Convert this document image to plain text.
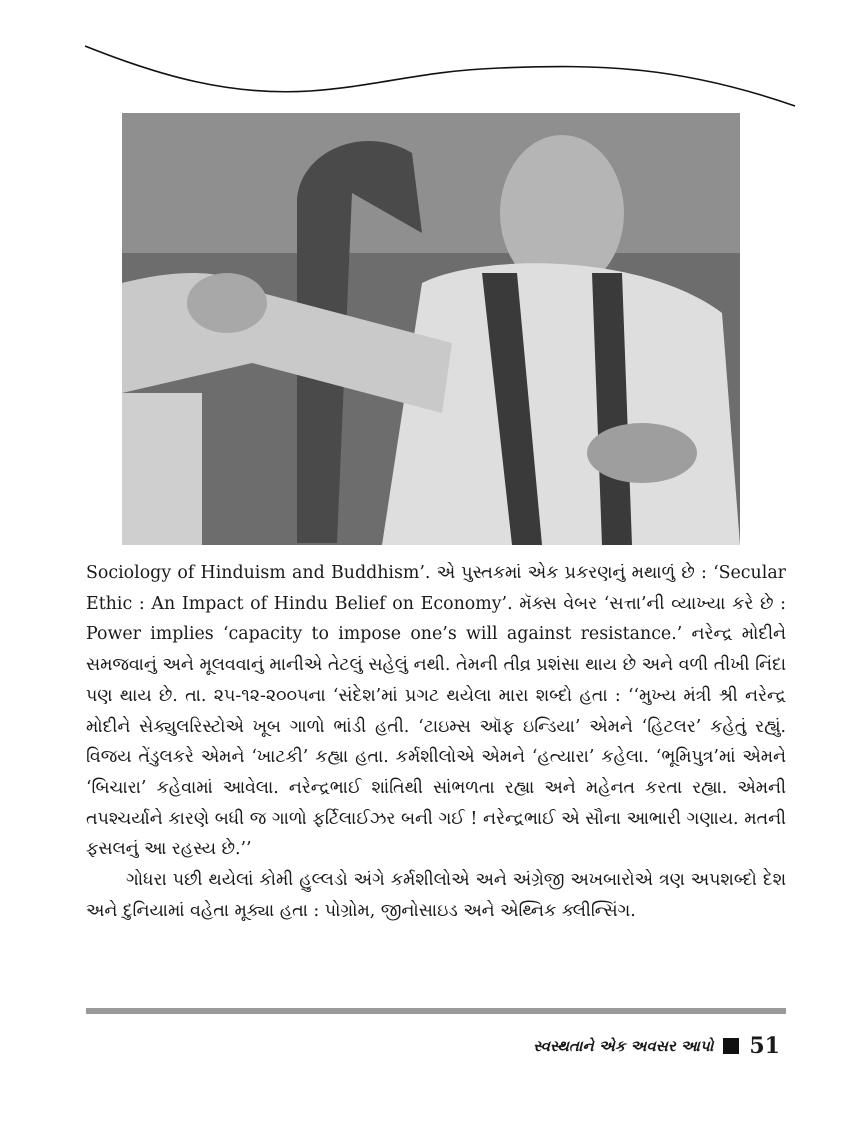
Sociology of Hinduism and Buddhism’. એ પુસ્તકમાં એક પ્રકરણનું મથાળું છે : ‘Secular Ethic : An Impact of Hindu Belief on Economy’. મૅક્સ વેબર ‘સત્તા’ની વ્યાખ્યા કરે છે : Power implies ‘capacity to impose one’s will against resistance.’ નરેન્દ્ર મોદીને સમજવાનું અને મૂલવવાનું માનીએ તેટલું સહેલું નથી. તેમની તીવ્ર પ્રશંસા થાય છે અને વળી તીખી નિંદા પણ થાય છે. તા. ૨૫-૧૨-૨૦૦૫ના ‘સંદેશ’માં પ્રગટ થયેલા મારા શબ્દો હતા : ‘‘મુખ્ય મંત્રી શ્રી નરેન્દ્ર મોદીને સેક્યુલરિસ્ટોએ ખૂબ ગાળો ભાંડી હતી. ‘ટાઇમ્સ ઑફ ઇન્ડિયા’ એમને ‘હિટલર’ કહેતું રહ્યું. વિજય તેંડુલકરે એમને ‘ખાટકી’ કહ્યા હતા. કર્મશીલોએ એમને ‘હત્યારા’ કહેલા. ‘ભૂમિપુત્ર’માં એમને ‘બિચારા’ કહેવામાં આવેલા. નરેન્દ્રભાઈ શાંતિથી સાંભળતા રહ્યા અને મહેનત કરતા રહ્યા. એમની તપશ્ચર્યાને કારણે બધી જ ગાળો ફર્ટિલાઈઝર બની ગઈ ! નરેન્દ્રભાઈ એ સૌના આભારી ગણાય. મતની ફસલનું આ રહસ્ય છે.’’

ગોધરા પછી થયેલાં કોમી હુલ્લડો અંગે કર્મશીલોએ અને અંગ્રેજી અખબારોએ ત્રણ અપશબ્દો દેશ અને દુનિયામાં વહેતા મૂક્યા હતા : પોગ્રોમ, જીનોસાઇડ અને એથ્નિક ક્લીન્સિંગ.

સ્વસ્થતાને એક અવસર આપો 51
